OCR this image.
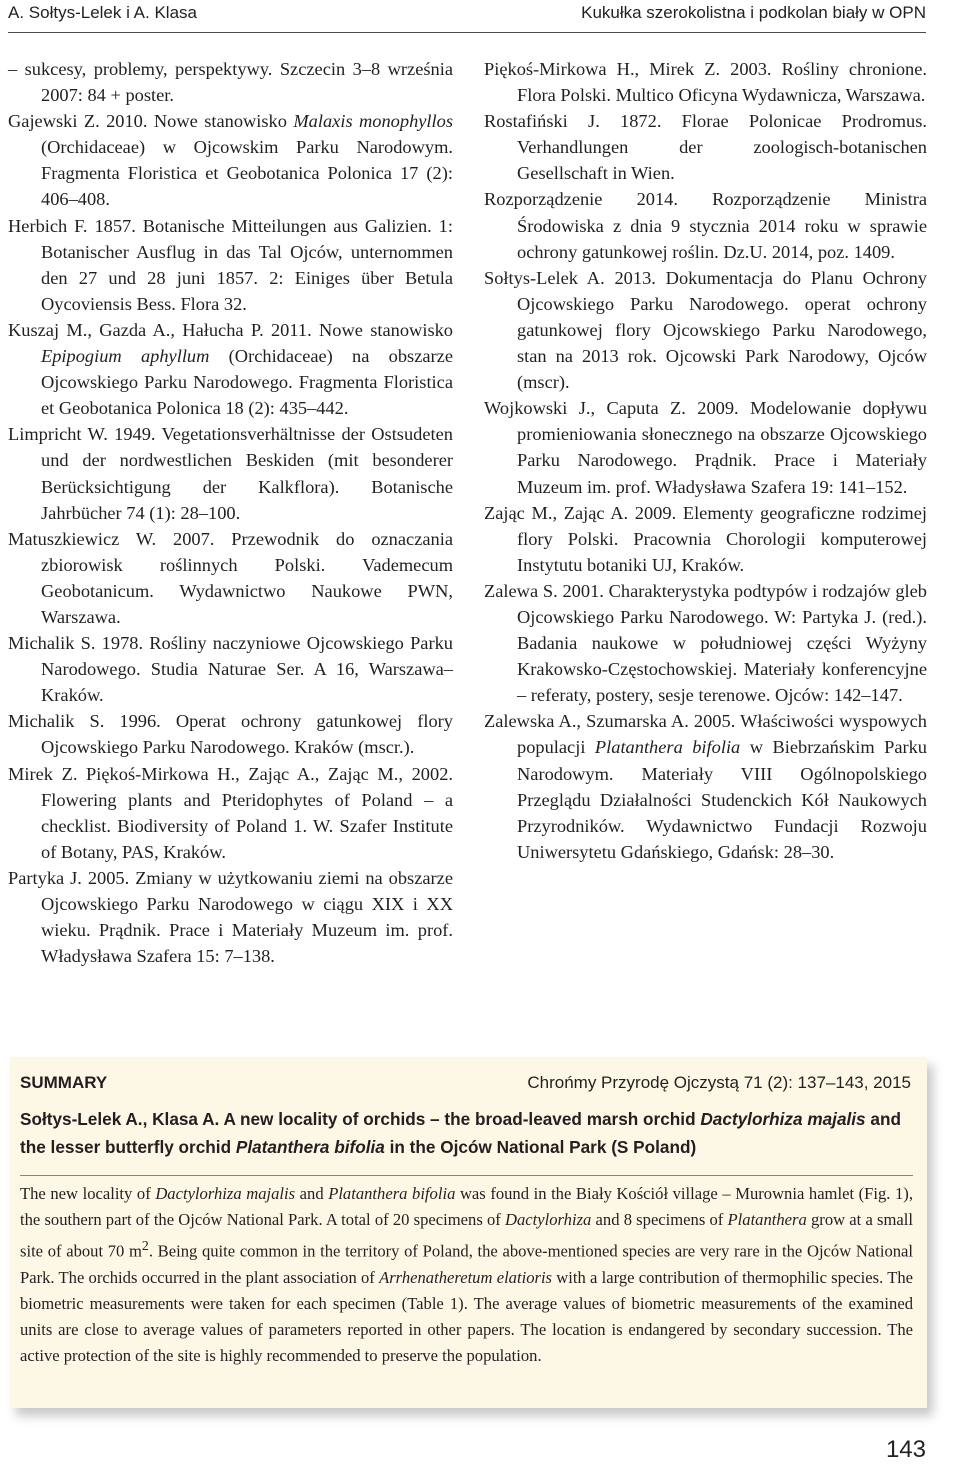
A. Sołtys-Lelek i A. Klasa	Kukułka szerokolistna i podkolan biały w OPN

– sukcesy, problemy, perspektywy. Szczecin 3–8 września 2007: 84 + poster.

Gajewski Z. 2010. Nowe stanowisko Malaxis monophyllos (Orchidaceae) w Ojcowskim Parku Narodowym. Fragmenta Floristica et Geobotanica Polonica 17 (2): 406–408.

Herbich F. 1857. Botanische Mitteilungen aus Galizien. 1: Botanischer Ausflug in das Tal Ojców, unternommen den 27 und 28 juni 1857. 2: Einiges über Betula Oycoviensis Bess. Flora 32.

Kuszaj M., Gazda A., Hałucha P. 2011. Nowe stanowisko Epipogium aphyllum (Orchidaceae) na obszarze Ojcowskiego Parku Narodowego. Fragmenta Floristica et Geobotanica Polonica 18 (2): 435–442.

Limpricht W. 1949. Vegetationsverhältnisse der Ostsudeten und der nordwestlichen Beskiden (mit besonderer Berücksichtigung der Kalkflora). Botanische Jahrbücher 74 (1): 28–100.

Matuszkiewicz W. 2007. Przewodnik do oznaczania zbiorowisk roślinnych Polski. Vademecum Geobotanicum. Wydawnictwo Naukowe PWN, Warszawa.

Michalik S. 1978. Rośliny naczyniowe Ojcowskiego Parku Narodowego. Studia Naturae Ser. A 16, Warszawa–Kraków.

Michalik S. 1996. Operat ochrony gatunkowej flory Ojcowskiego Parku Narodowego. Kraków (mscr.).

Mirek Z. Piękoś-Mirkowa H., Zając A., Zając M., 2002. Flowering plants and Pteridophytes of Poland – a checklist. Biodiversity of Poland 1. W. Szafer Institute of Botany, PAS, Kraków.

Partyka J. 2005. Zmiany w użytkowaniu ziemi na obszarze Ojcowskiego Parku Narodowego w ciągu XIX i XX wieku. Prądnik. Prace i Materiały Muzeum im. prof. Władysława Szafera 15: 7–138.

Piękoś-Mirkowa H., Mirek Z. 2003. Rośliny chronione. Flora Polski. Multico Oficyna Wydawnicza, Warszawa.

Rostafiński J. 1872. Florae Polonicae Prodromus. Verhandlungen der zoologisch-botanischen Gesellschaft in Wien.

Rozporządzenie 2014. Rozporządzenie Ministra Środowiska z dnia 9 stycznia 2014 roku w sprawie ochrony gatunkowej roślin. Dz.U. 2014, poz. 1409.

Sołtys-Lelek A. 2013. Dokumentacja do Planu Ochrony Ojcowskiego Parku Narodowego. operat ochrony gatunkowej flory Ojcowskiego Parku Narodowego, stan na 2013 rok. Ojcowski Park Narodowy, Ojców (mscr).

Wojkowski J., Caputa Z. 2009. Modelowanie dopływu promieniowania słonecznego na obszarze Ojcowskiego Parku Narodowego. Prądnik. Prace i Materiały Muzeum im. prof. Władysława Szafera 19: 141–152.

Zając M., Zając A. 2009. Elementy geograficzne rodzimej flory Polski. Pracownia Chorologii komputerowej Instytutu botaniki UJ, Kraków.

Zalewa S. 2001. Charakterystyka podtypów i rodzajów gleb Ojcowskiego Parku Narodowego. W: Partyka J. (red.). Badania naukowe w południowej części Wyżyny Krakowsko-Częstochowskiej. Materiały konferencyjne – referaty, postery, sesje terenowe. Ojców: 142–147.

Zalewska A., Szumarska A. 2005. Właściwości wyspowych populacji Platanthera bifolia w Biebrzańskim Parku Narodowym. Materiały VIII Ogólnopolskiego Przeglądu Działalności Studenckich Kół Naukowych Przyrodników. Wydawnictwo Fundacji Rozwoju Uniwersytetu Gdańskiego, Gdańsk: 28–30.

SUMMARY	Chrońmy Przyrodę Ojczystą 71 (2): 137–143, 2015

Sołtys-Lelek A., Klasa A. A new locality of orchids – the broad-leaved marsh orchid Dactylorhiza majalis and the lesser butterfly orchid Platanthera bifolia in the Ojców National Park (S Poland)

The new locality of Dactylorhiza majalis and Platanthera bifolia was found in the Biały Kościół village – Murownia hamlet (Fig. 1), the southern part of the Ojców National Park. A total of 20 specimens of Dactylorhiza and 8 specimens of Platanthera grow at a small site of about 70 $m^2$. Being quite common in the territory of Poland, the above-mentioned species are very rare in the Ojców National Park. The orchids occurred in the plant association of Arrhenatheretum elatioris with a large contribution of thermophilic species. The biometric measurements were taken for each specimen (Table 1). The average values of biometric measurements of the examined units are close to average values of parameters reported in other papers. The location is endangered by secondary succession. The active protection of the site is highly recommended to preserve the population.

143
